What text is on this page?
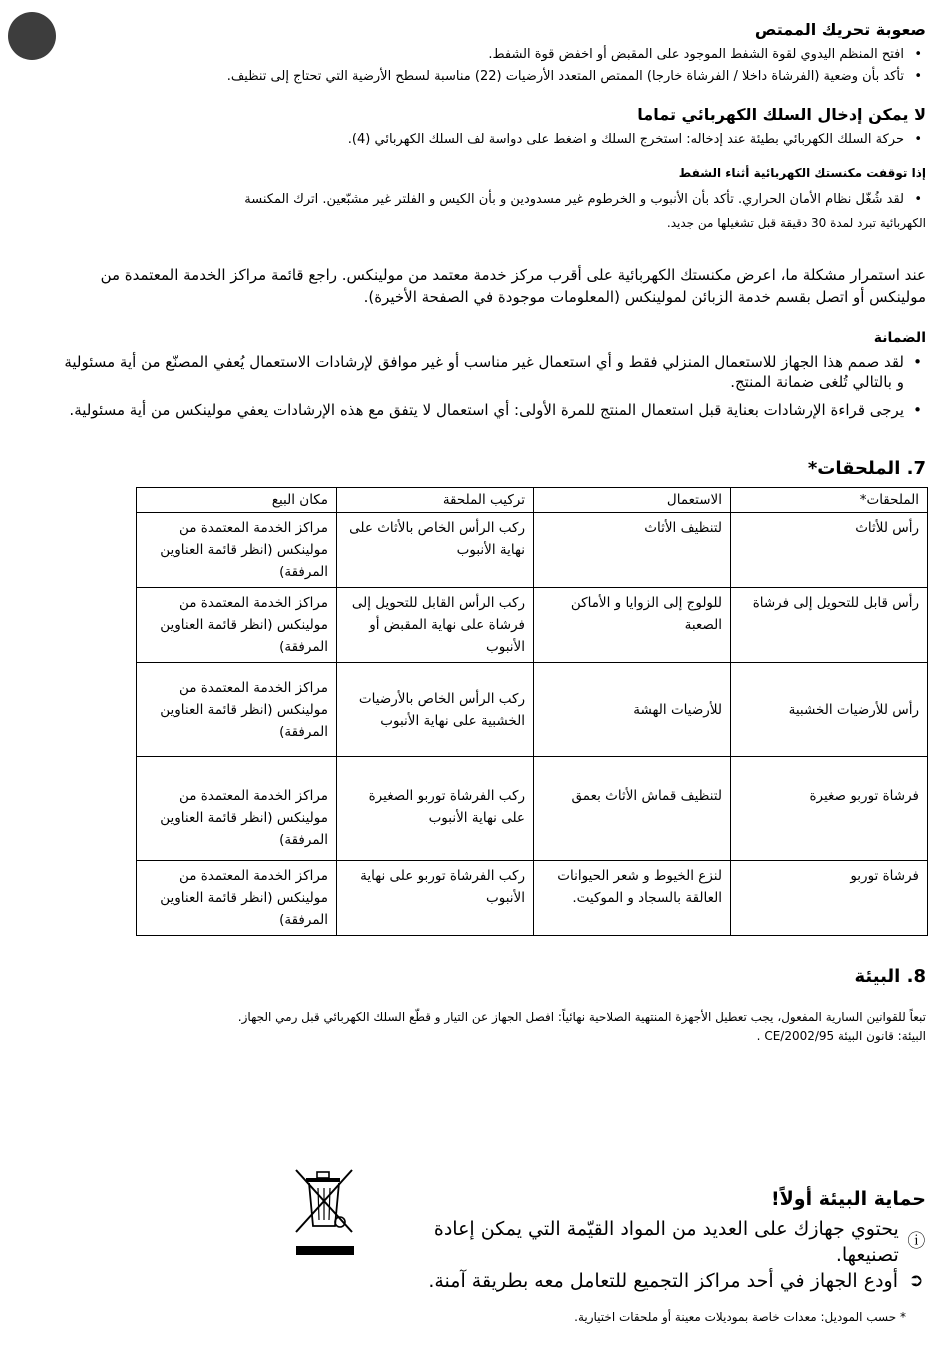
صعوبة تحريك الممتص
• افتح المنظم اليدوي لقوة الشفط الموجود على المقبض أو اخفض قوة الشفط.
• تأكد بأن وضعية (الفرشاة داخلا / الفرشاة خارجا) الممتص المتعدد الأرضيات (22) مناسبة لسطح الأرضية التي تحتاج إلى تنظيف.
لا يمكن إدخال السلك الكهربائي تماما
• حركة السلك الكهربائي بطيئة عند إدخاله: استخرج السلك و اضغط على دواسة لف السلك الكهربائي (4).
إذا توقفت مكنستك الكهربائية أثناء الشفط
• لقد شُغّل نظام الأمان الحراري. تأكد بأن الأنبوب و الخرطوم غير مسدودين و بأن الكيس و الفلتر غير مشبّعين. اترك المكنسة

الكهربائية تبرد لمدة 30 دقيقة قبل تشغيلها من جديد.

عند استمرار مشكلة ما، اعرض مكنستك الكهربائية على أقرب مركز خدمة معتمد من مولينكس. راجع قائمة مراكز الخدمة المعتمدة من مولينكس أو اتصل بقسم خدمة الزبائن لمولينكس (المعلومات موجودة في الصفحة الأخيرة).

الضمانة
• لقد صمم هذا الجهاز للاستعمال المنزلي فقط و أي استعمال غير مناسب أو غير موافق لإرشادات الاستعمال يُعفي المصنّع من أية مسئولية و بالتالي تُلغى ضمانة المنتج.
• يرجى قراءة الإرشادات بعناية قبل استعمال المنتج للمرة الأولى: أي استعمال لا يتفق مع هذه الإرشادات يعفي مولينكس من أية مسئولية.
7. الملحقات*
الملحقات*	الاستعمال	تركيب الملحقة	مكان البيع
رأس للأثاث	لتنظيف الأثاث	ركب الرأس الخاص بالأثاث على نهاية الأنبوب	مراكز الخدمة المعتمدة من مولينكس (انظر قائمة العناوين المرفقة)
رأس قابل للتحويل إلى فرشاة	للولوج إلى الزوايا و الأماكن الصعبة	ركب الرأس القابل للتحويل إلى فرشاة على نهاية المقبض أو الأنبوب	مراكز الخدمة المعتمدة من مولينكس (انظر قائمة العناوين المرفقة)
رأس للأرضيات الخشبية	للأرضيات الهشة	ركب الرأس الخاص بالأرضيات الخشبية على نهاية الأنبوب	مراكز الخدمة المعتمدة من مولينكس (انظر قائمة العناوين المرفقة)
فرشاة توربو صغيرة	لتنظيف قماش الأثاث بعمق	ركب الفرشاة توربو الصغيرة على نهاية الأنبوب	مراكز الخدمة المعتمدة من مولينكس (انظر قائمة العناوين المرفقة)
فرشاة توربو	لنزع الخيوط و شعر الحيوانات العالقة بالسجاد و الموكيت.	ركب الفرشاة توربو على نهاية الأنبوب	مراكز الخدمة المعتمدة من مولينكس (انظر قائمة العناوين المرفقة)
8. البيئة

تبعاً للقوانين السارية المفعول، يجب تعطيل الأجهزة المنتهية الصلاحية نهائياً: افصل الجهاز عن التيار و قطّع السلك الكهربائي قبل رمي الجهاز.

البيئة: قانون البيئة 2002/95/CE .

حماية البيئة أولاً!
ⓘ
يحتوي جهازك على العديد من المواد القيّمة التي يمكن إعادة تصنيعها.
➲
أودع الجهاز في أحد مراكز التجميع للتعامل معه بطريقة آمنة.
* حسب الموديل: معدات خاصة بموديلات معينة أو ملحقات اختيارية.
